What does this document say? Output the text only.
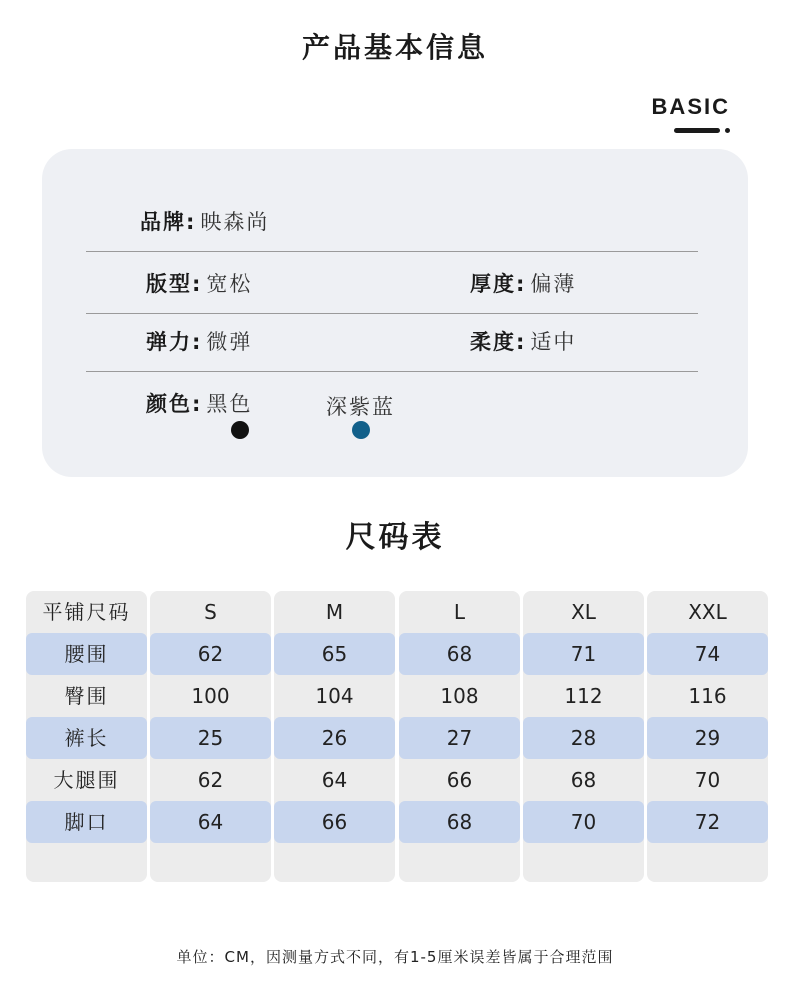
产品基本信息
BASIC
品牌: 映森尚
版型: 宽松	厚度: 偏薄
弹力: 微弹	柔度: 适中
颜色: 黑色	深紫蓝
尺码表
平铺尺码	S	M	L	XL	XXL
腰围	62	65	68	71	74
臀围	100	104	108	112	116
裤长	25	26	27	28	29
大腿围	62	64	66	68	70
脚口	64	66	68	70	72
单位：CM，因测量方式不同，有1-5厘米误差皆属于合理范围
